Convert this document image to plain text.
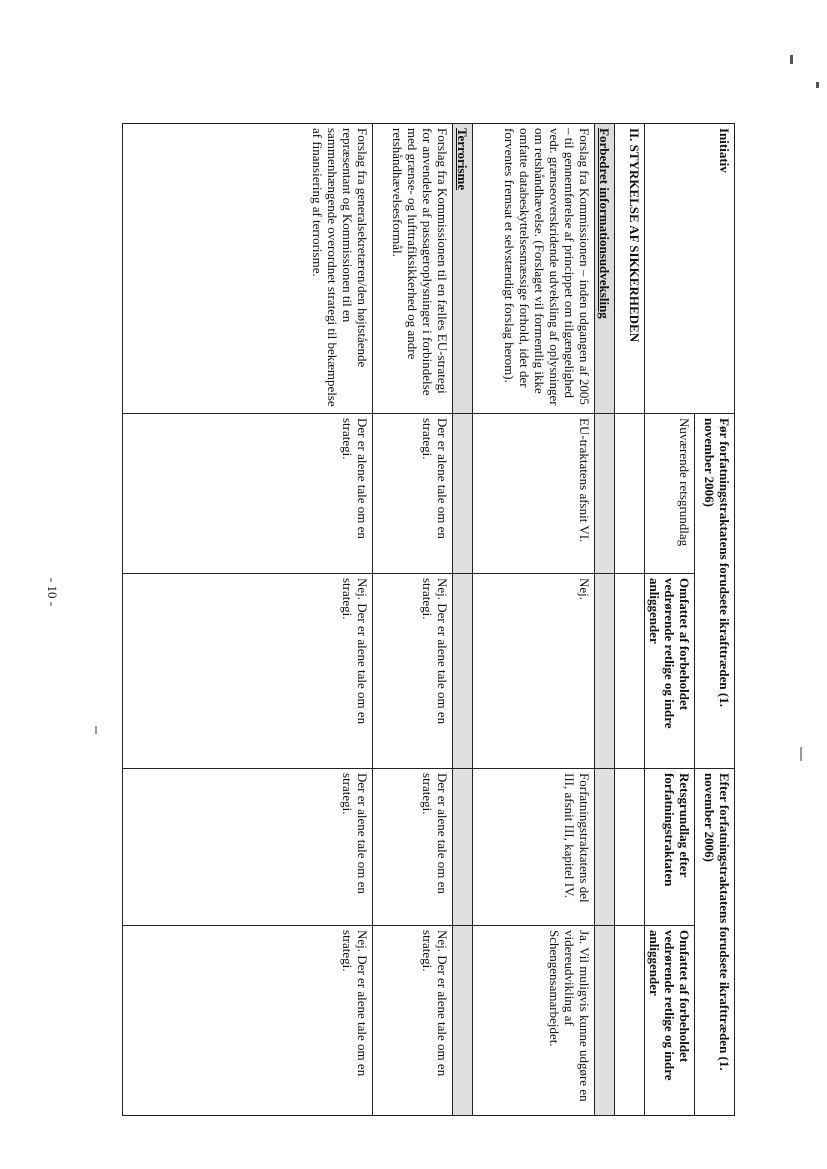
Initiativ	Før forfatningstraktatens forudsete ikrafttræden (1. november 2006)		Efter forfatningstraktatens forudsete ikrafttræden (1. november 2006)	
	Nuværende retsgrundlag	Omfattet af forbeholdet vedrørende retlige og indre anliggender	Retsgrundlag efter forfatningstraktaten	Omfattet af forbeholdet vedrørende retlige og indre anliggender
II. STYRKELSE AF SIKKERHEDEN				
Forbedret informationsudveksling				
Forslag fra Kommissionen – inden udgangen af 2005 – til gennemførelse af princippet om tilgængelighed vedr. grænseoverskridende udveksling af oplysninger om retshåndhævelse. (Forslaget vil formentlig ikke omfatte databeskyttelsesmæssige forhold, idet der forventes fremsat et selvstændigt forslag herom).	EU-traktatens afsnit VI.	Nej.	Forfatningstraktatens del III, afsnit III, kapitel IV.	Ja. Vil muligvis kunne udgøre en videreudvikling af Schengensamarbejdet.
Terrorisme				
Forslag fra Kommissionen til en fælles EU-strategi for anvendelse af passageroplysninger i forbindelse med grænse- og lufttrafiksikkerhed og andre retshåndhævelsesformål.	Der er alene tale om en strategi.	Nej. Der er alene tale om en strategi.	Der er alene tale om en strategi.	Nej. Der er alene tale om en strategi.
Forslag fra generalsekretæren/den højtstående repræsentant og Kommissionen til en sammenhængende overordnet strategi til bekæmpelse af finansiering af terrorisme.	Der er alene tale om en strategi.	Nej. Der er alene tale om en strategi.	Der er alene tale om en strategi.	Nej. Der er alene tale om en strategi.
- 10 -
